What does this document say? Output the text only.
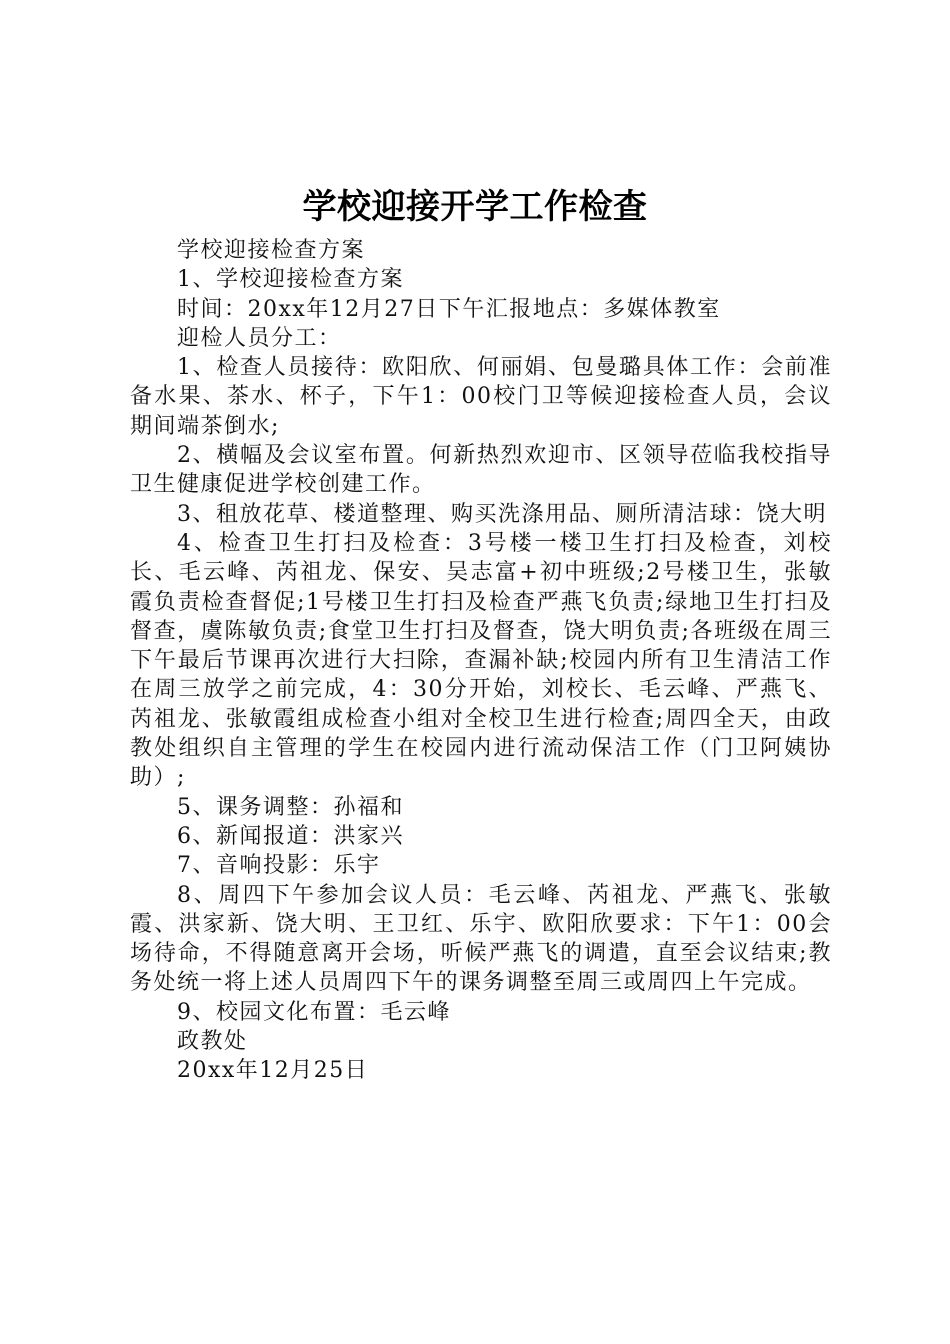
学校迎接开学工作检查

学校迎接检查方案

1、学校迎接检查方案

时间：20xx年12月27日下午汇报地点：多媒体教室

迎检人员分工：

1、检查人员接待：欧阳欣、何丽娟、包曼璐具体工作：会前准备水果、茶水、杯子，下午1：00校门卫等候迎接检查人员，会议期间端茶倒水;

2、横幅及会议室布置。何新热烈欢迎市、区领导莅临我校指导卫生健康促进学校创建工作。

3、租放花草、楼道整理、购买洗涤用品、厕所清洁球：饶大明

4、检查卫生打扫及检查：3号楼一楼卫生打扫及检查，刘校长、毛云峰、芮祖龙、保安、吴志富+初中班级;2号楼卫生，张敏霞负责检查督促;1号楼卫生打扫及检查严燕飞负责;绿地卫生打扫及督查，虞陈敏负责;食堂卫生打扫及督查，饶大明负责;各班级在周三下午最后节课再次进行大扫除，查漏补缺;校园内所有卫生清洁工作在周三放学之前完成，4：30分开始，刘校长、毛云峰、严燕飞、芮祖龙、张敏霞组成检查小组对全校卫生进行检查;周四全天，由政教处组织自主管理的学生在校园内进行流动保洁工作（门卫阿姨协助）;

5、课务调整：孙福和

6、新闻报道：洪家兴

7、音响投影：乐宇

8、周四下午参加会议人员：毛云峰、芮祖龙、严燕飞、张敏霞、洪家新、饶大明、王卫红、乐宇、欧阳欣要求：下午1：00会场待命，不得随意离开会场，听候严燕飞的调遣，直至会议结束;教务处统一将上述人员周四下午的课务调整至周三或周四上午完成。

9、校园文化布置：毛云峰

政教处

20xx年12月25日
